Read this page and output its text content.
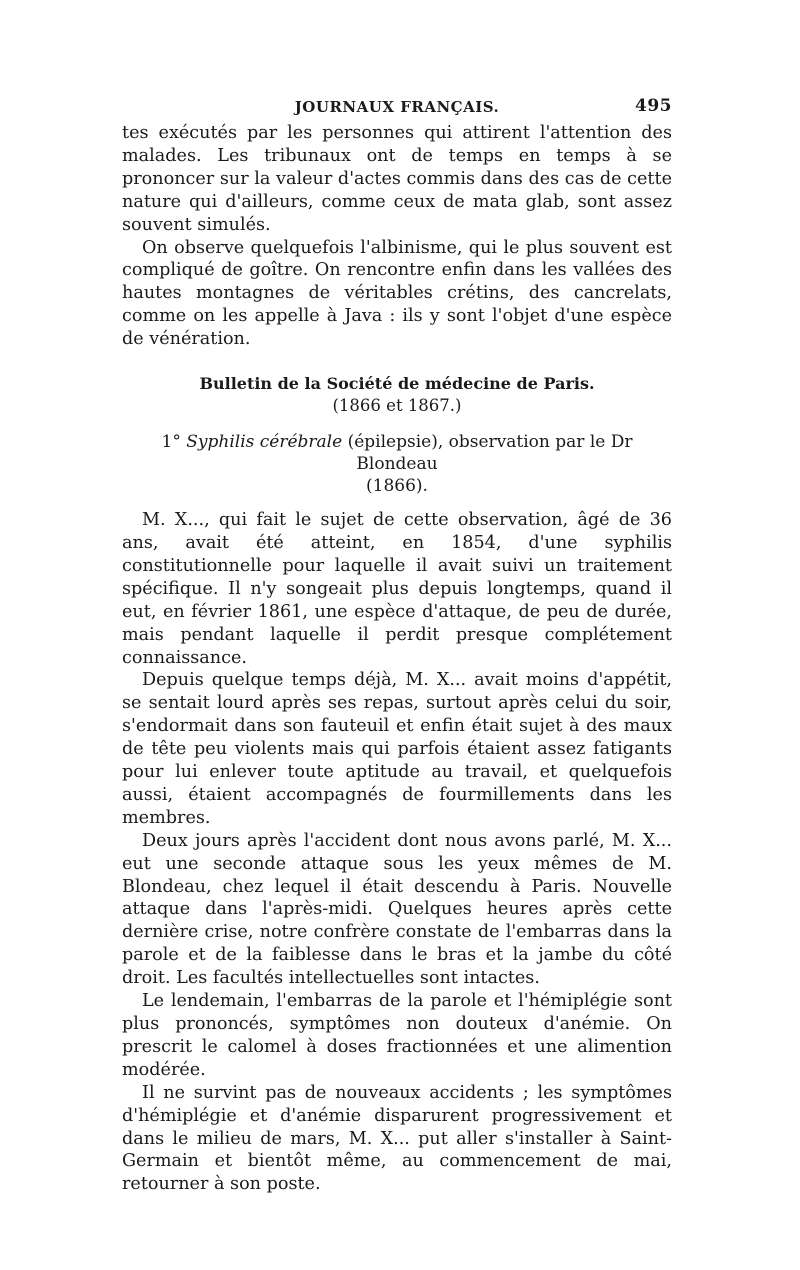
JOURNAUX FRANÇAIS.	495

tes exécutés par les personnes qui attirent l'attention des malades. Les tribunaux ont de temps en temps à se prononcer sur la valeur d'actes commis dans des cas de cette nature qui d'ailleurs, comme ceux de mata glab, sont assez souvent simulés.

On observe quelquefois l'albinisme, qui le plus souvent est compliqué de goître. On rencontre enfin dans les vallées des hautes montagnes de véritables crétins, des cancrelats, comme on les appelle à Java : ils y sont l'objet d'une espèce de vénération.

Bulletin de la Société de médecine de Paris.
(1866 et 1867.)
1° Syphilis cérébrale (épilepsie), observation par le Dr Blondeau
(1866).

M. X..., qui fait le sujet de cette observation, âgé de 36 ans, avait été atteint, en 1854, d'une syphilis constitutionnelle pour laquelle il avait suivi un traitement spécifique. Il n'y songeait plus depuis longtemps, quand il eut, en février 1861, une espèce d'attaque, de peu de durée, mais pendant laquelle il perdit presque complétement connaissance.

Depuis quelque temps déjà, M. X... avait moins d'appétit, se sentait lourd après ses repas, surtout après celui du soir, s'endormait dans son fauteuil et enfin était sujet à des maux de tête peu violents mais qui parfois étaient assez fatigants pour lui enlever toute aptitude au travail, et quelquefois aussi, étaient accompagnés de fourmillements dans les membres.

Deux jours après l'accident dont nous avons parlé, M. X... eut une seconde attaque sous les yeux mêmes de M. Blondeau, chez lequel il était descendu à Paris. Nouvelle attaque dans l'après-midi. Quelques heures après cette dernière crise, notre confrère constate de l'embarras dans la parole et de la faiblesse dans le bras et la jambe du côté droit. Les facultés intellectuelles sont intactes.

Le lendemain, l'embarras de la parole et l'hémiplégie sont plus prononcés, symptômes non douteux d'anémie. On prescrit le calomel à doses fractionnées et une alimention modérée.

Il ne survint pas de nouveaux accidents ; les symptômes d'hémiplégie et d'anémie disparurent progressivement et dans le milieu de mars, M. X... put aller s'installer à Saint-Germain et bientôt même, au commencement de mai, retourner à son poste.
